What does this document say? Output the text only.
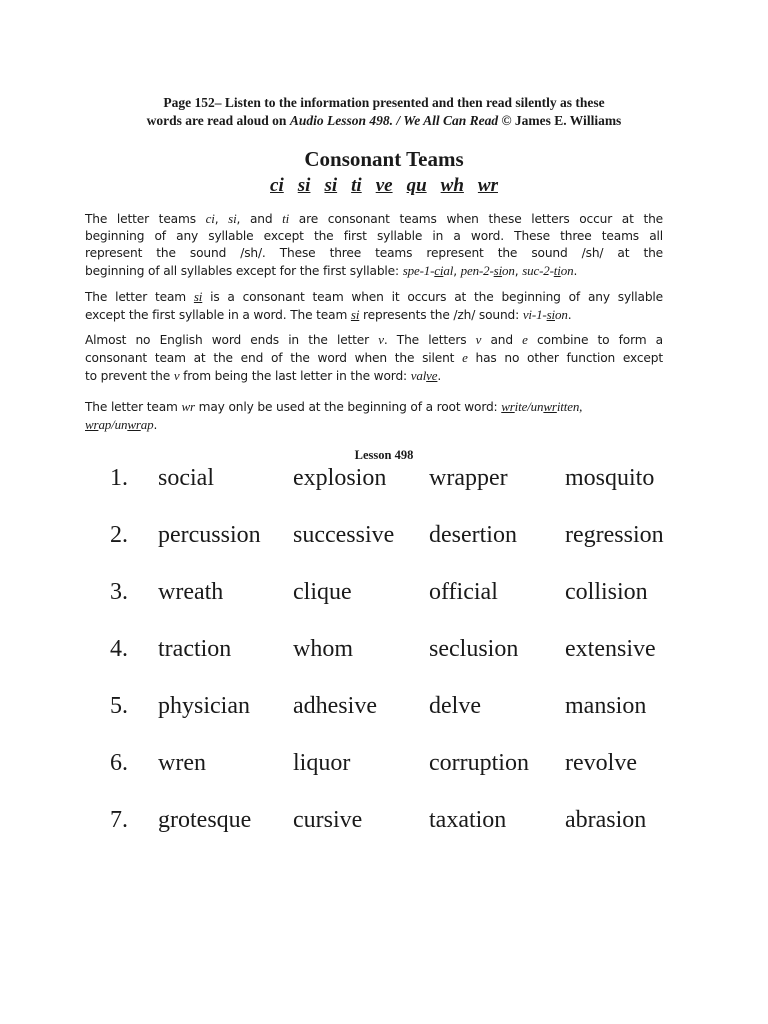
Page 152– Listen to the information presented and then read silently as these
words are read aloud on Audio Lesson 498. / We All Can Read © James E. Williams
Consonant Teams
ci si si ti ve qu wh wr
The letter teams ci, si, and ti are consonant teams when these letters occur at the
beginning of any syllable except the first syllable in a word. These three teams all
represent the sound /sh/. These three teams represent the sound /sh/ at the
beginning of all syllables except for the first syllable: spe-1-cial, pen-2-sion, suc-2-tion.
The letter team si is a consonant team when it occurs at the beginning of any syllable
except the first syllable in a word. The team si represents the /zh/ sound: vi-1-sion.
Almost no English word ends in the letter v. The letters v and e combine to form a
consonant team at the end of the word when the silent e has no other function except
to prevent the v from being the last letter in the word: valve.
The letter team wr may only be used at the beginning of a root word: write/unwritten,
wrap/unwrap.
Lesson 498
1. social	explosion wrapper mosquito
2. percussion successive desertion regression
3. wreath	clique	official	collision
4. traction	whom	seclusion extensive
5. physician adhesive delve	mansion
6. wren	liquor	corruption revolve
7. grotesque cursive	taxation abrasion
